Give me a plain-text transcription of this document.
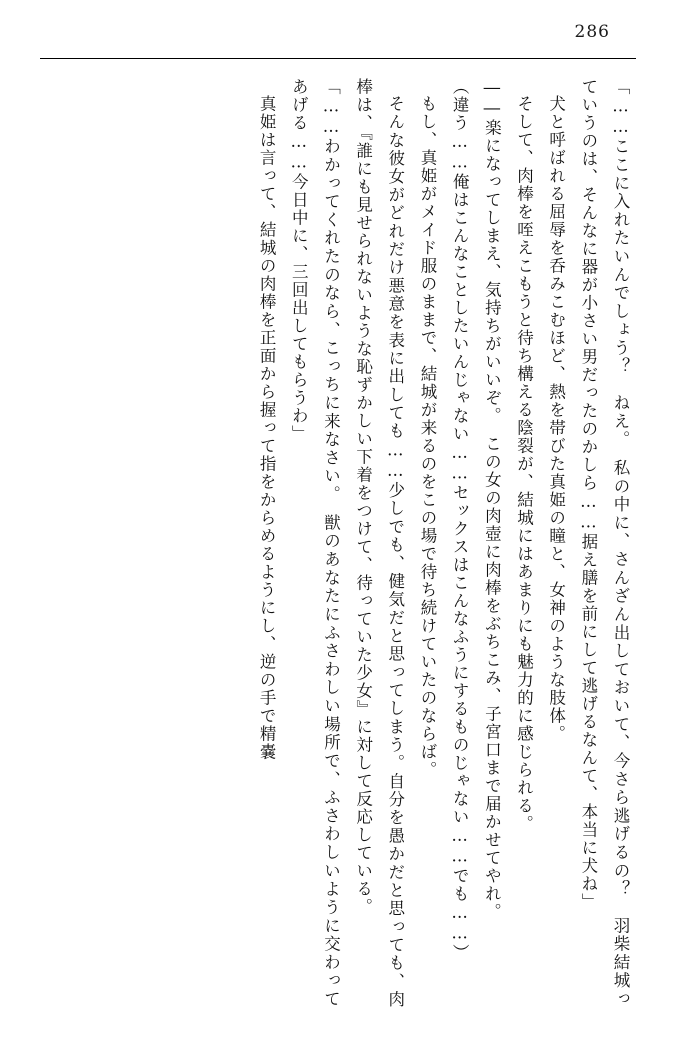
286

「……ここに入れたいんでしょう？　ねえ。　私の中に、さんざん出しておいて、今さら逃げるの？　羽柴結城っていうのは、そんなに器が小さい男だったのかしら……据え膳を前にして逃げるなんて、本当に犬ね」

犬と呼ばれる屈辱を呑みこむほど、熱を帯びた真姫の瞳と、女神のような肢体。

そして、肉棒を咥えこもうと待ち構える陰裂が、結城にはあまりにも魅力的に感じられる。

――楽になってしまえ、気持ちがいいぞ。　この女の肉壺に肉棒をぶちこみ、子宮口まで届かせてやれ。

（違う……俺はこんなことしたいんじゃない……セックスはこんなふうにするものじゃない……でも……）

もし、真姫がメイド服のままで、結城が来るのをこの場で待ち続けていたのならば。

そんな彼女がどれだけ悪意を表に出しても……少しでも、健気だと思ってしまう。自分を愚かだと思っても、肉棒は、『誰にも見せられないような恥ずかしい下着をつけて、待っていた少女』に対して反応している。

「……わかってくれたのなら、こっちに来なさい。　獣のあなたにふさわしい場所で、ふさわしいように交わってあげる……今日中に、三回出してもらうわ」

真姫は言って、結城の肉棒を正面から握って指をからめるようにし、逆の手で精嚢
